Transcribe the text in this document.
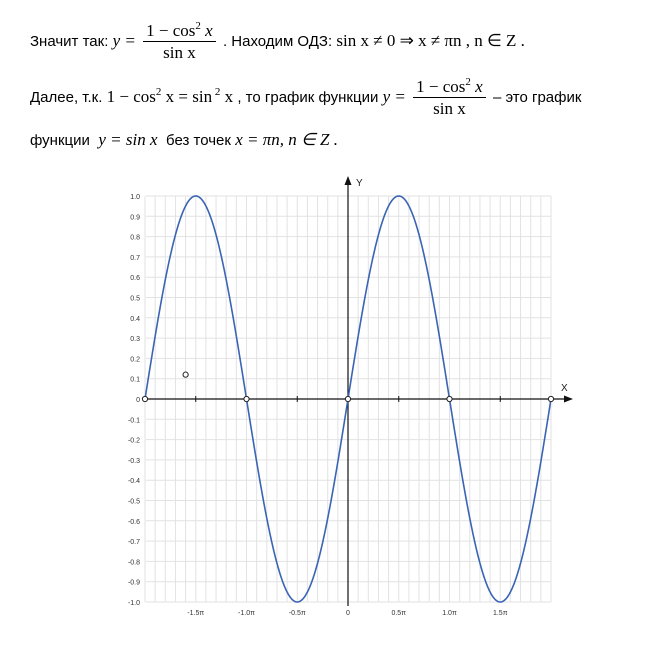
Значит так: $y = \frac{1 - \cos^2 x}{\text{sin x}}$ . Находим ОДЗ: sin x ≠ 0 ⇒ x ≠ πn , n ∈ Z .
Далее, т.к. $1 - \cos^2 x = \sin ^2$ x , то график функции $y = \frac{1 - \cos^2 x}{\text{sin x}}$ – это график
функции y = sin x без точек x = πn, n ∈ Z .
1.0
0.9
0.8
0.7
0.6
0.5
0.4
0.3
0.2
0.1
0
-0.1
-0.2
-0.3
-0.4
-0.5
-0.6
-0.7
-0.8
-0.9
-1.0
-1.5π	-1.0π	-0.5π	0	0.5π	1.0π	1.5π
X
Y
